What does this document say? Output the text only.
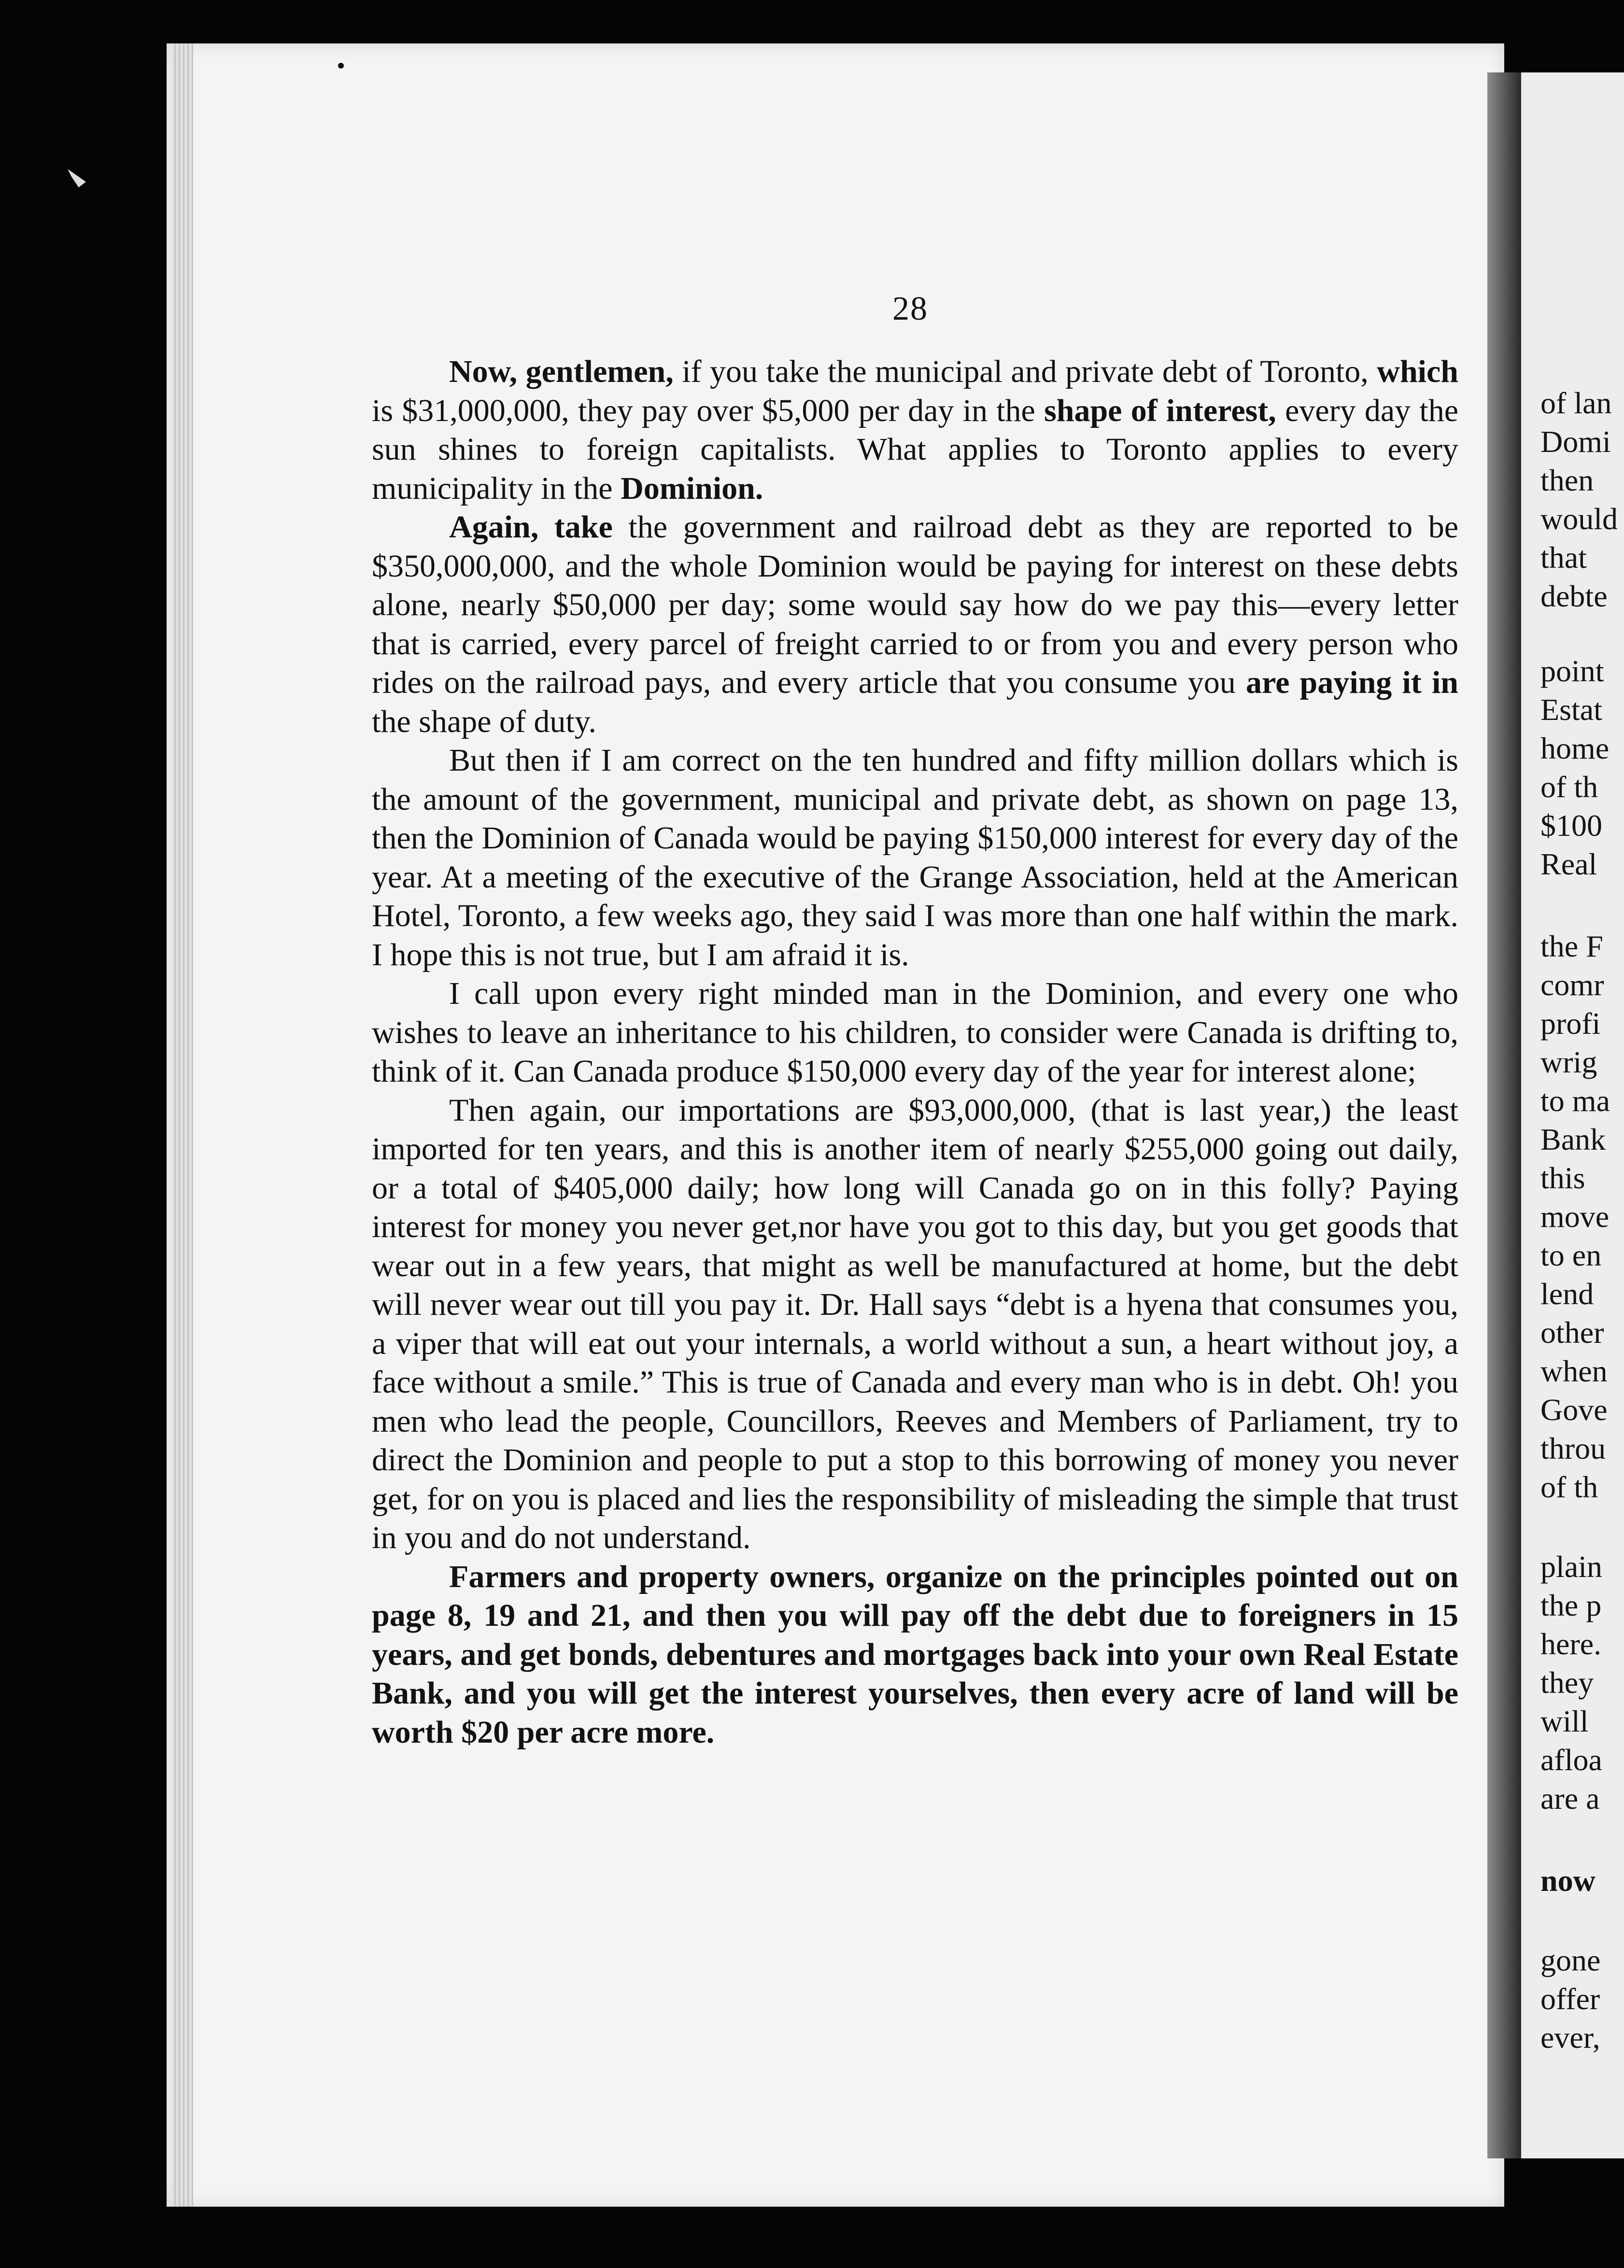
28

Now, gentlemen, if you take the municipal and private debt of Toronto, which is $31,000,000, they pay over $5,000 per day in the shape of interest, every day the sun shines to foreign capitalists. What applies to Toronto applies to every municipality in the Dominion.

Again, take the government and railroad debt as they are reported to be $350,000,000, and the whole Dominion would be paying for interest on these debts alone, nearly $50,000 per day; some would say how do we pay this—every letter that is carried, every parcel of freight carried to or from you and every person who rides on the railroad pays, and every article that you consume you are paying it in the shape of duty.

But then if I am correct on the ten hundred and fifty million dollars which is the amount of the government, municipal and private debt, as shown on page 13, then the Dominion of Canada would be paying $150,000 interest for every day of the year. At a meeting of the executive of the Grange Association, held at the American Hotel, Toronto, a few weeks ago, they said I was more than one half within the mark. I hope this is not true, but I am afraid it is.

I call upon every right minded man in the Dominion, and every one who wishes to leave an inheritance to his children, to consider were Canada is drifting to, think of it. Can Canada produce $150,000 every day of the year for interest alone;

Then again, our importations are $93,000,000, (that is last year,) the least imported for ten years, and this is another item of nearly $255,000 going out daily, or a total of $405,000 daily; how long will Canada go on in this folly? Paying interest for money you never get,nor have you got to this day, but you get goods that wear out in a few years, that might as well be manufactured at home, but the debt will never wear out till you pay it. Dr. Hall says “debt is a hyena that consumes you, a viper that will eat out your internals, a world without a sun, a heart without joy, a face without a smile.” This is true of Canada and every man who is in debt. Oh! you men who lead the people, Councillors, Reeves and Members of Parliament, try to direct the Dominion and people to put a stop to this borrowing of money you never get, for on you is placed and lies the responsibility of misleading the simple that trust in you and do not understand.

Farmers and property owners, organize on the principles pointed out on page 8, 19 and 21, and then you will pay off the debt due to foreigners in 15 years, and get bonds, debentures and mortgages back into your own Real Estate Bank, and you will get the interest yourselves, then every acre of land will be worth $20 per acre more.

of lan
Domi
then
would
that
debte
point
Estat
home
of th
$100
Real
the F
comr
profi
wrig
to ma
Bank
this
move
to en
lend
other
when
Gove
throu
of th
plain
the p
here.
they
will
afloa
are a
now
gone
offer
ever,
